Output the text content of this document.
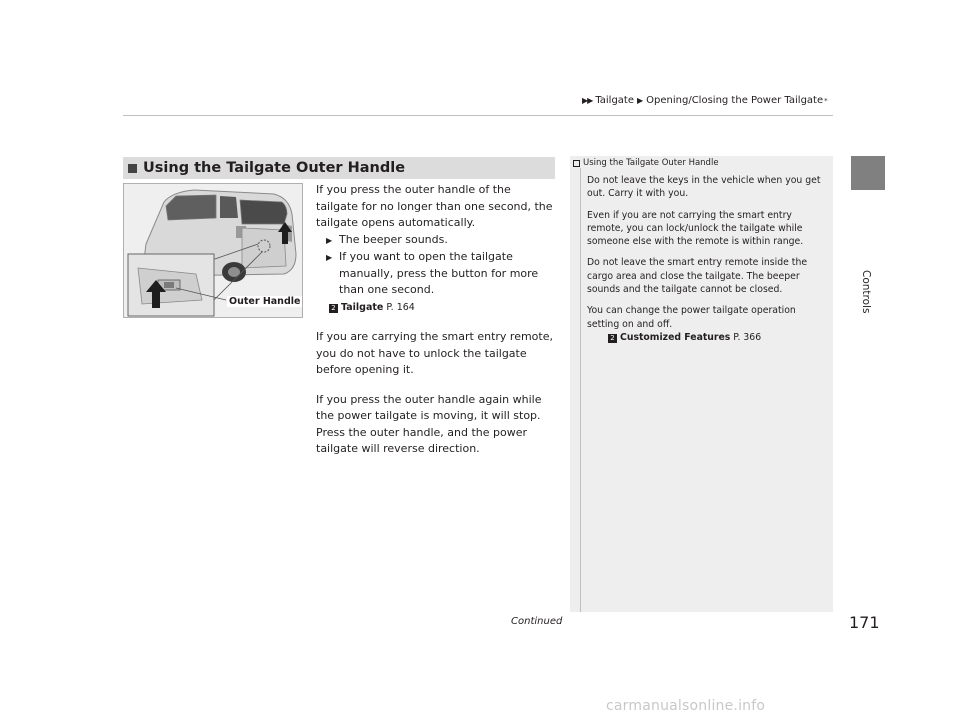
▶▶ Tailgate ▶ Opening/Closing the Power Tailgate *
Using the Tailgate Outer Handle
Outer Handle

If you press the outer handle of the tailgate for no longer than one second, the tailgate opens automatically.

▶ The beeper sounds.
▶ If you want to open the tailgate manually, press the button for more than one second.
2 Tailgate P. 164

If you are carrying the smart entry remote, you do not have to unlock the tailgate before opening it.

If you press the outer handle again while the power tailgate is moving, it will stop.

Press the outer handle, and the power tailgate will reverse direction.

Using the Tailgate Outer Handle

Do not leave the keys in the vehicle when you get out. Carry it with you.

Even if you are not carrying the smart entry remote, you can lock/unlock the tailgate while someone else with the remote is within range.

Do not leave the smart entry remote inside the cargo area and close the tailgate. The beeper sounds and the tailgate cannot be closed.

You can change the power tailgate operation setting on and off.

2 Customized Features P. 366
Controls
Continued	171
carmanualsonline.info
